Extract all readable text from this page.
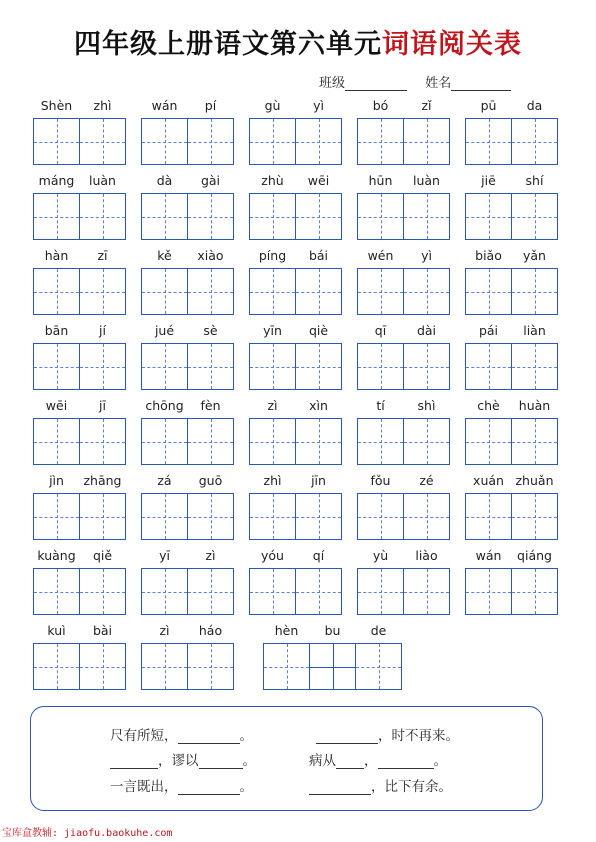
四年级上册语文第六单元词语阅关表
班级	姓名
Shèn	zhì	wán	pí	gù	yì	bó	zǐ	pū	da
máng	luàn	dà	gài	zhù	wēi	hūn	luàn	jiē	shí
hàn	zī	kě	xiào	píng	bái	wén	yì	biǎo	yǎn
bān	jí	jué	sè	yīn	qiè	qī	dài	pái	liàn
wēi	jī	chōng	fèn	zì	xìn	tí	shì	chè	huàn
jìn	zhāng	zá	guō	zhì	jīn	fǒu	zé	xuán zhuǎn
kuàng	qiě	yī	zì	yóu	qí	yù	liào	wán	qiáng
kuì	bài	zì	háo	hèn	bu	de
尺有所短，	。	，时不再来。
，谬以	。	病从 ，	。
一言既出，	。	，比下有余。
宝库盒教辅: jiaofu.baokuhe.com
